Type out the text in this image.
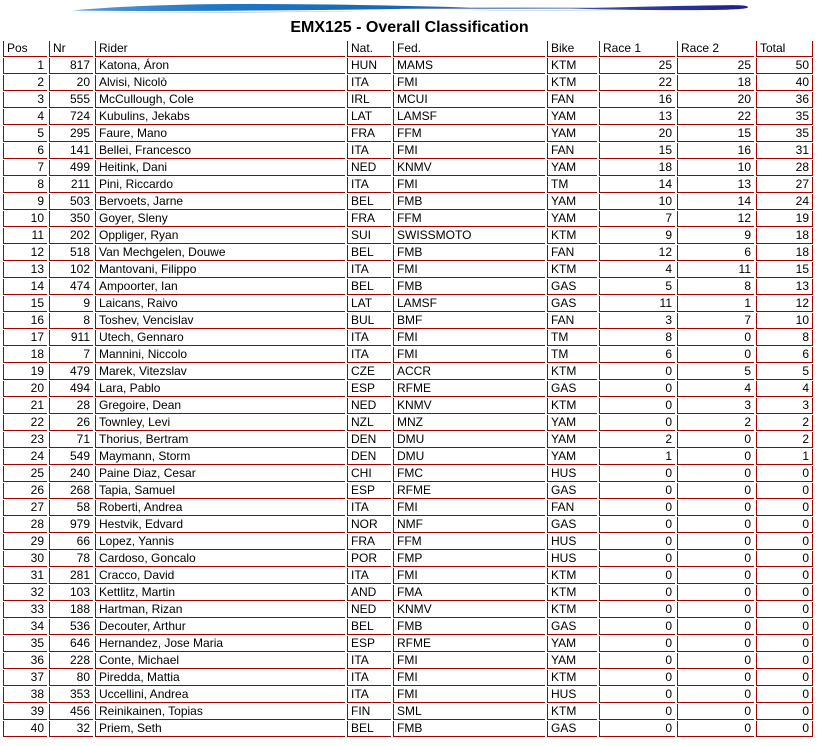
EMX125 - Overall Classification
Pos	Nr	Rider	Nat.	Fed.	Bike	Race 1	Race 2	Total
1	817	Katona, Áron	HUN	MAMS	KTM	25	25	50
2	20	Alvisi, Nicolò	ITA	FMI	KTM	22	18	40
3	555	McCullough, Cole	IRL	MCUI	FAN	16	20	36
4	724	Kubulins, Jekabs	LAT	LAMSF	YAM	13	22	35
5	295	Faure, Mano	FRA	FFM	YAM	20	15	35
6	141	Bellei, Francesco	ITA	FMI	FAN	15	16	31
7	499	Heitink, Dani	NED	KNMV	YAM	18	10	28
8	211	Pini, Riccardo	ITA	FMI	TM	14	13	27
9	503	Bervoets, Jarne	BEL	FMB	YAM	10	14	24
10	350	Goyer, Sleny	FRA	FFM	YAM	7	12	19
11	202	Oppliger, Ryan	SUI	SWISSMOTO	KTM	9	9	18
12	518	Van Mechgelen, Douwe	BEL	FMB	FAN	12	6	18
13	102	Mantovani, Filippo	ITA	FMI	KTM	4	11	15
14	474	Ampoorter, Ian	BEL	FMB	GAS	5	8	13
15	9	Laicans, Raivo	LAT	LAMSF	GAS	11	1	12
16	8	Toshev, Vencislav	BUL	BMF	FAN	3	7	10
17	911	Utech, Gennaro	ITA	FMI	TM	8	0	8
18	7	Mannini, Niccolo	ITA	FMI	TM	6	0	6
19	479	Marek, Vitezslav	CZE	ACCR	KTM	0	5	5
20	494	Lara, Pablo	ESP	RFME	GAS	0	4	4
21	28	Gregoire, Dean	NED	KNMV	KTM	0	3	3
22	26	Townley, Levi	NZL	MNZ	YAM	0	2	2
23	71	Thorius, Bertram	DEN	DMU	YAM	2	0	2
24	549	Maymann, Storm	DEN	DMU	YAM	1	0	1
25	240	Paine Diaz, Cesar	CHI	FMC	HUS	0	0	0
26	268	Tapia, Samuel	ESP	RFME	GAS	0	0	0
27	58	Roberti, Andrea	ITA	FMI	FAN	0	0	0
28	979	Hestvik, Edvard	NOR	NMF	GAS	0	0	0
29	66	Lopez, Yannis	FRA	FFM	HUS	0	0	0
30	78	Cardoso, Goncalo	POR	FMP	HUS	0	0	0
31	281	Cracco, David	ITA	FMI	KTM	0	0	0
32	103	Kettlitz, Martin	AND	FMA	KTM	0	0	0
33	188	Hartman, Rizan	NED	KNMV	KTM	0	0	0
34	536	Decouter, Arthur	BEL	FMB	GAS	0	0	0
35	646	Hernandez, Jose Maria	ESP	RFME	YAM	0	0	0
36	228	Conte, Michael	ITA	FMI	YAM	0	0	0
37	80	Piredda, Mattia	ITA	FMI	KTM	0	0	0
38	353	Uccellini, Andrea	ITA	FMI	HUS	0	0	0
39	456	Reinikainen, Topias	FIN	SML	KTM	0	0	0
40	32	Priem, Seth	BEL	FMB	GAS	0	0	0
